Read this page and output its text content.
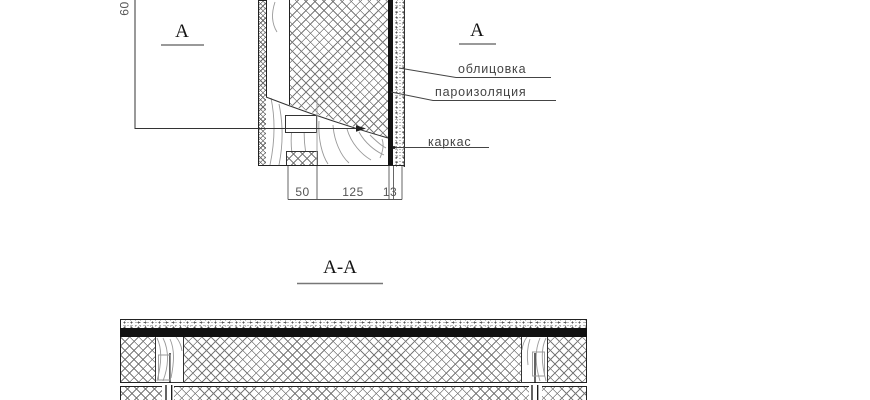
60
А	А
облицовка
пароизоляция
каркас
50	125	13
А-А
